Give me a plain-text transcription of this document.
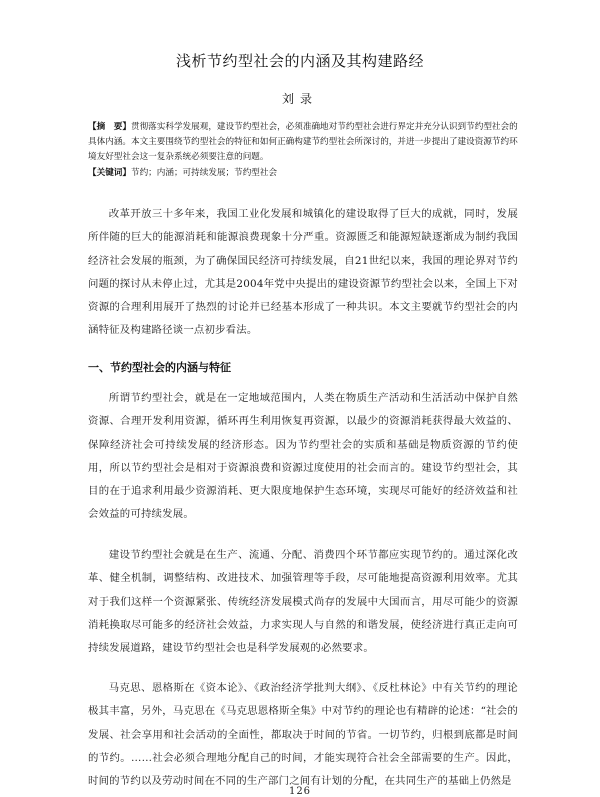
浅析节约型社会的内涵及其构建路经
刘录
【摘　要】贯彻落实科学发展观，建设节约型社会，必须准确地对节约型社会进行界定并充分认识到节约型社会的具体内涵。本文主要围绕节约型社会的特征和如何正确构建节约型社会所深讨的，并进一步提出了建设资源节约环境友好型社会这一复杂系统必须要注意的问题。
【关键词】节约；内涵；可持续发展；节约型社会

改革开放三十多年来，我国工业化发展和城镇化的建设取得了巨大的成就，同时，发展所伴随的巨大的能源消耗和能源浪费现象十分严重。资源匮乏和能源短缺逐渐成为制约我国经济社会发展的瓶颈，为了确保国民经济可持续发展，自21世纪以来，我国的理论界对节约问题的探讨从未停止过，尤其是2004年党中央提出的建设资源节约型社会以来，全国上下对资源的合理利用展开了热烈的讨论并已经基本形成了一种共识。本文主要就节约型社会的内涵特征及构建路径谈一点初步看法。

一、节约型社会的内涵与特征

所谓节约型社会，就是在一定地域范围内，人类在物质生产活动和生活活动中保护自然资源、合理开发利用资源，循环再生利用恢复再资源，以最少的资源消耗获得最大效益的、保障经济社会可持续发展的经济形态。因为节约型社会的实质和基础是物质资源的节约使用，所以节约型社会是相对于资源浪费和资源过度使用的社会而言的。建设节约型社会，其目的在于追求利用最少资源消耗、更大限度地保护生态环境，实现尽可能好的经济效益和社会效益的可持续发展。

建设节约型社会就是在生产、流通、分配、消费四个环节都应实现节约的。通过深化改革、健全机制，调整结构、改进技术、加强管理等手段，尽可能地提高资源利用效率。尤其对于我们这样一个资源紧张、传统经济发展模式尚存的发展中大国而言，用尽可能少的资源消耗换取尽可能多的经济社会效益，力求实现人与自然的和谐发展，使经济进行真正走向可持续发展道路，建设节约型社会也是科学发展观的必然要求。

马克思、恩格斯在《资本论》、《政治经济学批判大纲》、《反杜林论》中有关节约的理论极其丰富，另外，马克思在《马克思恩格斯全集》中对节约的理论也有精辟的论述：“社会的发展、社会享用和社会活动的全面性，都取决于时间的节省。一切节约，归根到底都是时间的节约。……社会必须合理地分配自己的时间，才能实现符合社会全部需要的生产。因此，时间的节约以及劳动时间在不同的生产部门之间有计划的分配，在共同生产的基础上仍然是

126
